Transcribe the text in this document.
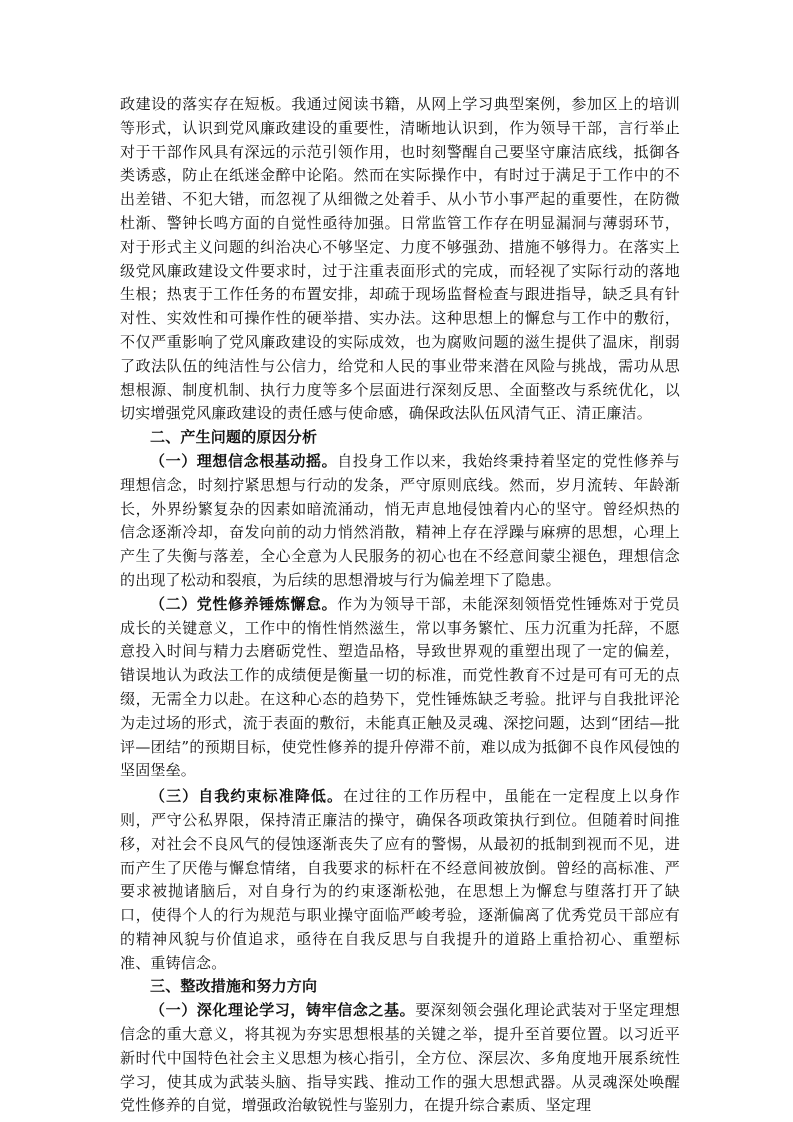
政建设的落实存在短板。我通过阅读书籍，从网上学习典型案例，参加区上的培训等形式，认识到党风廉政建设的重要性，清晰地认识到，作为领导干部，言行举止对于干部作风具有深远的示范引领作用，也时刻警醒自己要坚守廉洁底线，抵御各类诱惑，防止在纸迷金醉中论陷。然而在实际操作中，有时过于满足于工作中的不出差错、不犯大错，而忽视了从细微之处着手、从小节小事严起的重要性，在防微杜渐、警钟长鸣方面的自觉性亟待加强。日常监管工作存在明显漏洞与薄弱环节，对于形式主义问题的纠治决心不够坚定、力度不够强劲、措施不够得力。在落实上级党风廉政建设文件要求时，过于注重表面形式的完成，而轻视了实际行动的落地生根；热衷于工作任务的布置安排，却疏于现场监督检查与跟进指导，缺乏具有针对性、实效性和可操作性的硬举措、实办法。这种思想上的懈怠与工作中的敷衍，不仅严重影响了党风廉政建设的实际成效，也为腐败问题的滋生提供了温床，削弱了政法队伍的纯洁性与公信力，给党和人民的事业带来潜在风险与挑战，需功从思想根源、制度机制、执行力度等多个层面进行深刻反思、全面整改与系统优化，以切实增强党风廉政建设的责任感与使命感，确保政法队伍风清气正、清正廉洁。

二、产生问题的原因分析

（一）理想信念根基动摇。自投身工作以来，我始终秉持着坚定的党性修养与理想信念，时刻拧紧思想与行动的发条，严守原则底线。然而，岁月流转、年龄渐长，外界纷繁复杂的因素如暗流涌动，悄无声息地侵蚀着内心的坚守。曾经炽热的信念逐渐冷却，奋发向前的动力悄然消散，精神上存在浮躁与麻痹的思想，心理上产生了失衡与落差，全心全意为人民服务的初心也在不经意间蒙尘褪色，理想信念的出现了松动和裂痕，为后续的思想滑坡与行为偏差埋下了隐患。

（二）党性修养锤炼懈怠。作为为领导干部，未能深刻领悟党性锤炼对于党员成长的关键意义，工作中的惰性悄然滋生，常以事务繁忙、压力沉重为托辞，不愿意投入时间与精力去磨砺党性、塑造品格，导致世界观的重塑出现了一定的偏差，错误地认为政法工作的成绩便是衡量一切的标准，而党性教育不过是可有可无的点缀，无需全力以赴。在这种心态的趋势下，党性锤炼缺乏考验。批评与自我批评沦为走过场的形式，流于表面的敷衍，未能真正触及灵魂、深挖问题，达到“团结—批评—团结”的预期目标，使党性修养的提升停滞不前，难以成为抵御不良作风侵蚀的坚固堡垒。

（三）自我约束标准降低。在过往的工作历程中，虽能在一定程度上以身作则，严守公私界限，保持清正廉洁的操守，确保各项政策执行到位。但随着时间推移，对社会不良风气的侵蚀逐渐丧失了应有的警惕，从最初的抵制到视而不见，进而产生了厌倦与懈怠情绪，自我要求的标杆在不经意间被放倒。曾经的高标准、严要求被抛诸脑后，对自身行为的约束逐渐松弛，在思想上为懈怠与堕落打开了缺口，使得个人的行为规范与职业操守面临严峻考验，逐渐偏离了优秀党员干部应有的精神风貌与价值追求，亟待在自我反思与自我提升的道路上重拾初心、重塑标准、重铸信念。

三、整改措施和努力方向

（一）深化理论学习，铸牢信念之基。要深刻领会强化理论武装对于坚定理想信念的重大意义，将其视为夯实思想根基的关键之举，提升至首要位置。以习近平新时代中国特色社会主义思想为核心指引，全方位、深层次、多角度地开展系统性学习，使其成为武装头脑、指导实践、推动工作的强大思想武器。从灵魂深处唤醒党性修养的自觉，增强政治敏锐性与鉴别力，在提升综合素质、坚定理
